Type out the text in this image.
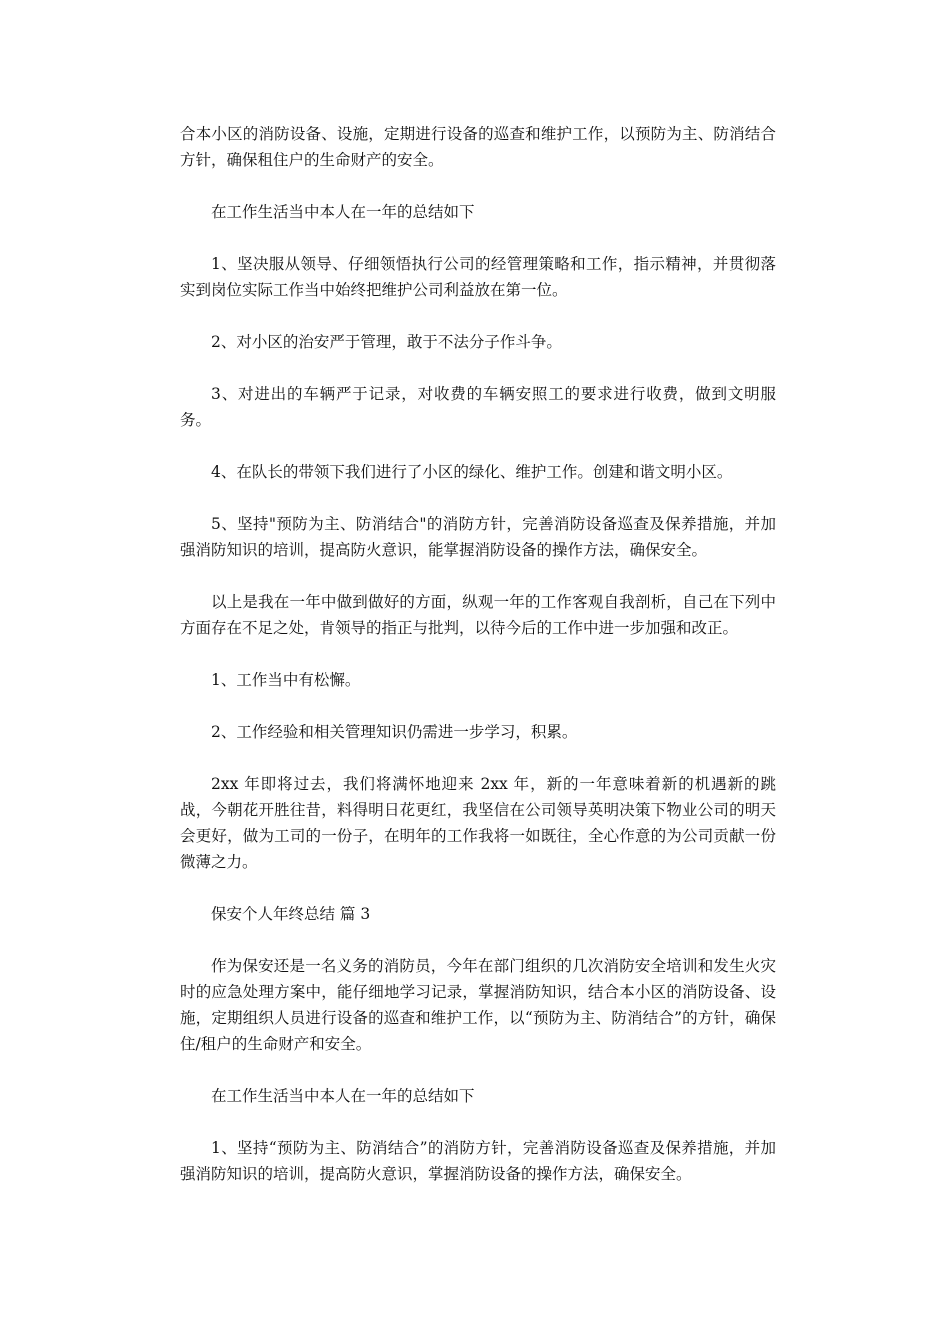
合本小区的消防设备、设施，定期进行设备的巡查和维护工作，以预防为主、防消结合方针，确保租住户的生命财产的安全。

在工作生活当中本人在一年的总结如下

1、坚决服从领导、仔细领悟执行公司的经管理策略和工作，指示精神，并贯彻落实到岗位实际工作当中始终把维护公司利益放在第一位。

2、对小区的治安严于管理，敢于不法分子作斗争。

3、对进出的车辆严于记录，对收费的车辆安照工的要求进行收费，做到文明服务。

4、在队长的带领下我们进行了小区的绿化、维护工作。创建和谐文明小区。

5、坚持"预防为主、防消结合"的消防方针，完善消防设备巡查及保养措施，并加强消防知识的培训，提高防火意识，能掌握消防设备的操作方法，确保安全。

以上是我在一年中做到做好的方面，纵观一年的工作客观自我剖析，自己在下列中方面存在不足之处，肯领导的指正与批判，以待今后的工作中进一步加强和改正。

1、工作当中有松懈。

2、工作经验和相关管理知识仍需进一步学习，积累。

2xx 年即将过去，我们将满怀地迎来 2xx 年，新的一年意味着新的机遇新的跳战，今朝花开胜往昔，料得明日花更红，我坚信在公司领导英明决策下物业公司的明天会更好，做为工司的一份子，在明年的工作我将一如既往，全心作意的为公司贡献一份微薄之力。

保安个人年终总结 篇 3

作为保安还是一名义务的消防员，今年在部门组织的几次消防安全培训和发生火灾时的应急处理方案中，能仔细地学习记录，掌握消防知识，结合本小区的消防设备、设施，定期组织人员进行设备的巡查和维护工作，以“预防为主、防消结合”的方针，确保住/租户的生命财产和安全。

在工作生活当中本人在一年的总结如下

1、坚持“预防为主、防消结合”的消防方针，完善消防设备巡查及保养措施，并加强消防知识的培训，提高防火意识，掌握消防设备的操作方法，确保安全。
